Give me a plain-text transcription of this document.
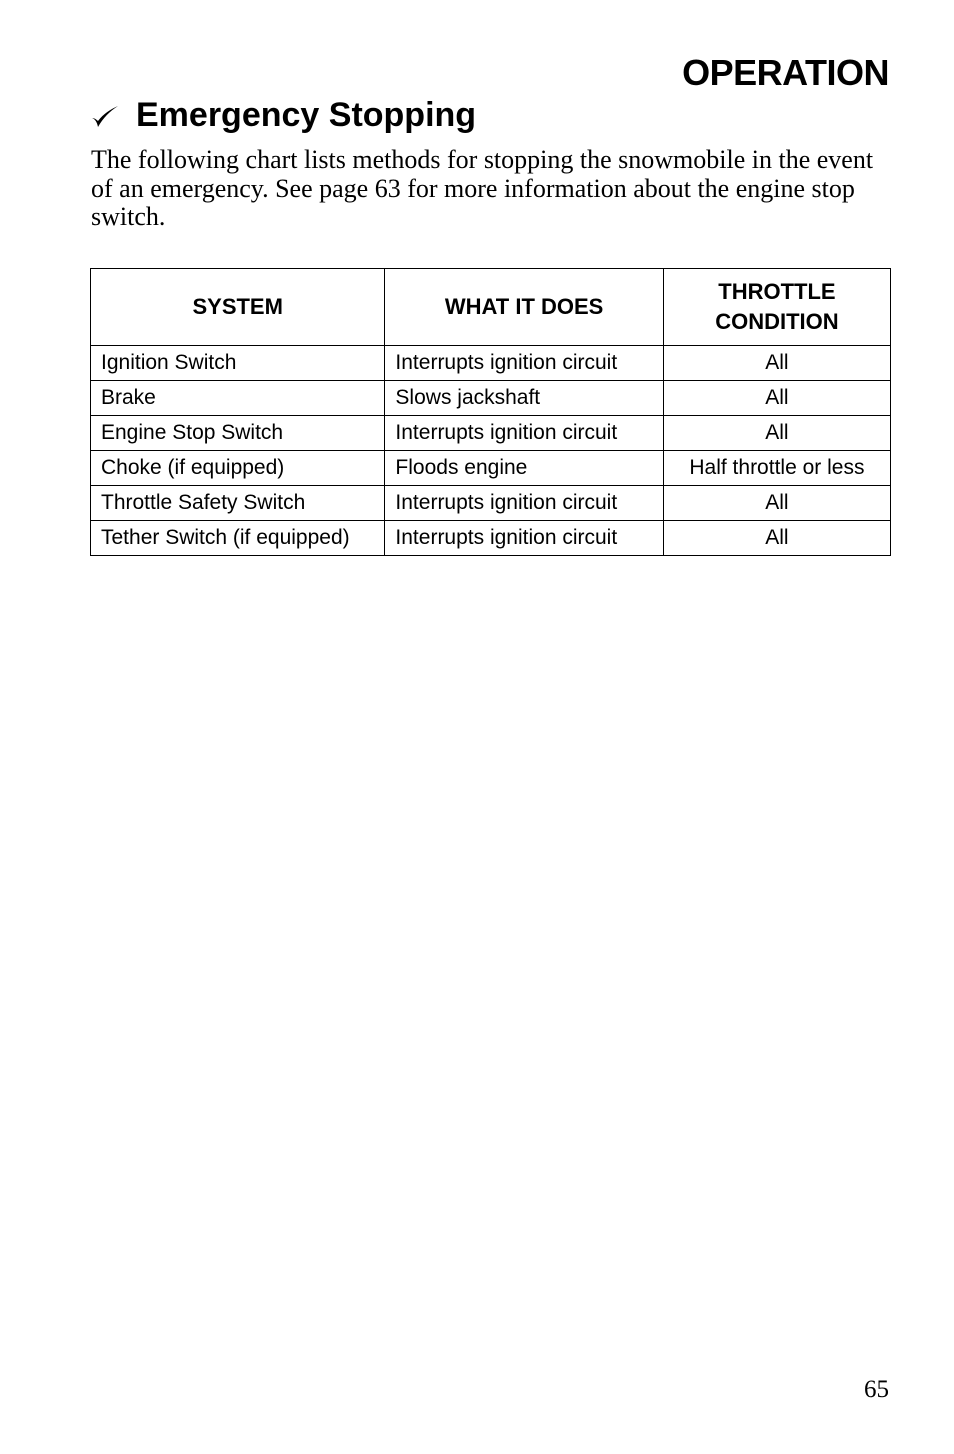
OPERATION
Emergency Stopping
The following chart lists methods for stopping the snowmobile in the event of an emergency. See page 63 for more information about the engine stop switch.
SYSTEM	WHAT IT DOES	THROTTLE
CONDITION
Ignition Switch	Interrupts ignition circuit	All
Brake	Slows jackshaft	All
Engine Stop Switch	Interrupts ignition circuit	All
Choke (if equipped)	Floods engine	Half throttle or less
Throttle Safety Switch	Interrupts ignition circuit	All
Tether Switch (if equipped)	Interrupts ignition circuit	All
65
